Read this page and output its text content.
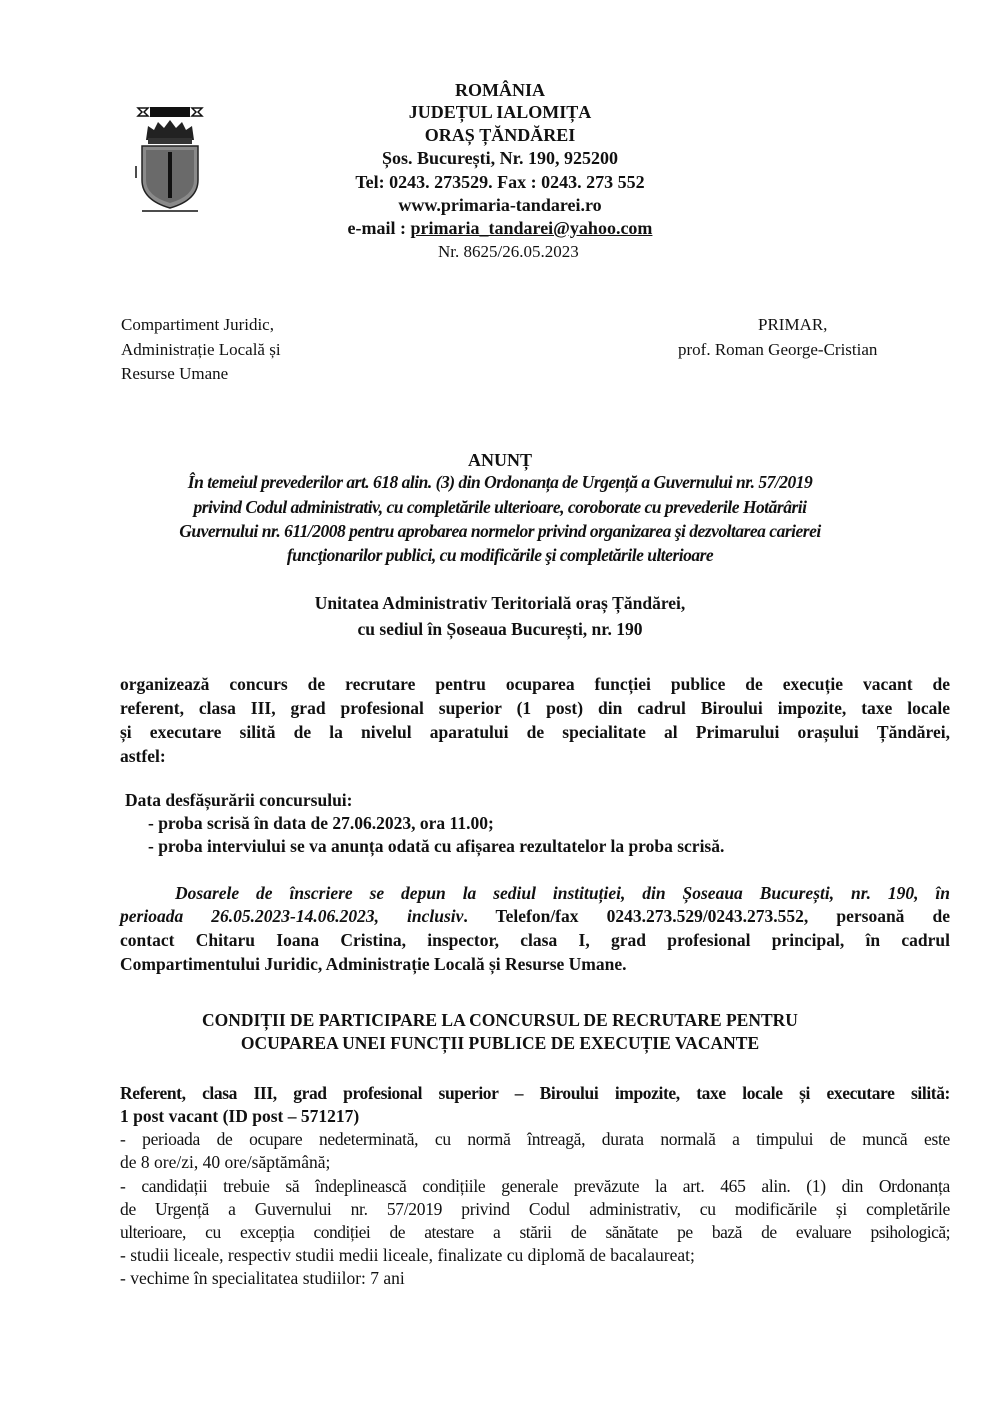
ROMÂNIA
JUDEȚUL IALOMIȚA
ORAȘ ȚĂNDĂREI
Șos. București, Nr. 190, 925200
Tel: 0243. 273529. Fax : 0243. 273 552
www.primaria-tandarei.ro
e-mail : primaria_tandarei@yahoo.com
Nr. 8625/26.05.2023
Compartiment Juridic,
Administrație Locală și
Resurse Umane
PRIMAR,
prof. Roman George-Cristian
ANUNȚ
În temeiul prevederilor art. 618 alin. (3) din Ordonanța de Urgență a Guvernului nr. 57/2019
privind Codul administrativ, cu completările ulterioare, coroborate cu prevederile Hotărârii
Guvernului nr. 611/2008 pentru aprobarea normelor privind organizarea şi dezvoltarea carierei
funcţionarilor publici, cu modificările şi completările ulterioare
Unitatea Administrativ Teritorială oraș Țăndărei,
cu sediul în Șoseaua București, nr. 190
organizează concurs de recrutare pentru ocuparea funcției publice de execuție vacant de
referent, clasa III, grad profesional superior (1 post) din cadrul Biroului impozite, taxe locale
și executare silită de la nivelul aparatului de specialitate al Primarului orașului Țăndărei,
astfel:
Data desfășurării concursului:
- proba scrisă în data de 27.06.2023, ora 11.00;
- proba interviului se va anunța odată cu afișarea rezultatelor la proba scrisă.
Dosarele de înscriere se depun la sediul instituției, din Șoseaua București, nr. 190, în
perioada 26.05.2023-14.06.2023, inclusiv. Telefon/fax 0243.273.529/0243.273.552, persoană de
contact Chitaru Ioana Cristina, inspector, clasa I, grad profesional principal, în cadrul
Compartimentului Juridic, Administrație Locală și Resurse Umane.
CONDIȚII DE PARTICIPARE LA CONCURSUL DE RECRUTARE PENTRU
OCUPAREA UNEI FUNCȚII PUBLICE DE EXECUȚIE VACANTE
Referent, clasa III, grad profesional superior – Biroului impozite, taxe locale și executare silită:
1 post vacant (ID post – 571217)
- perioada de ocupare nedeterminată, cu normă întreagă, durata normală a timpului de muncă este
de 8 ore/zi, 40 ore/săptămână;
- candidații trebuie să îndeplinească condițiile generale prevăzute la art. 465 alin. (1) din Ordonanța
de Urgență a Guvernului nr. 57/2019 privind Codul administrativ, cu modificările și completările
ulterioare, cu excepția condiției de atestare a stării de sănătate pe bază de evaluare psihologică;
- studii liceale, respectiv studii medii liceale, finalizate cu diplomă de bacalaureat;
- vechime în specialitatea studiilor: 7 ani
